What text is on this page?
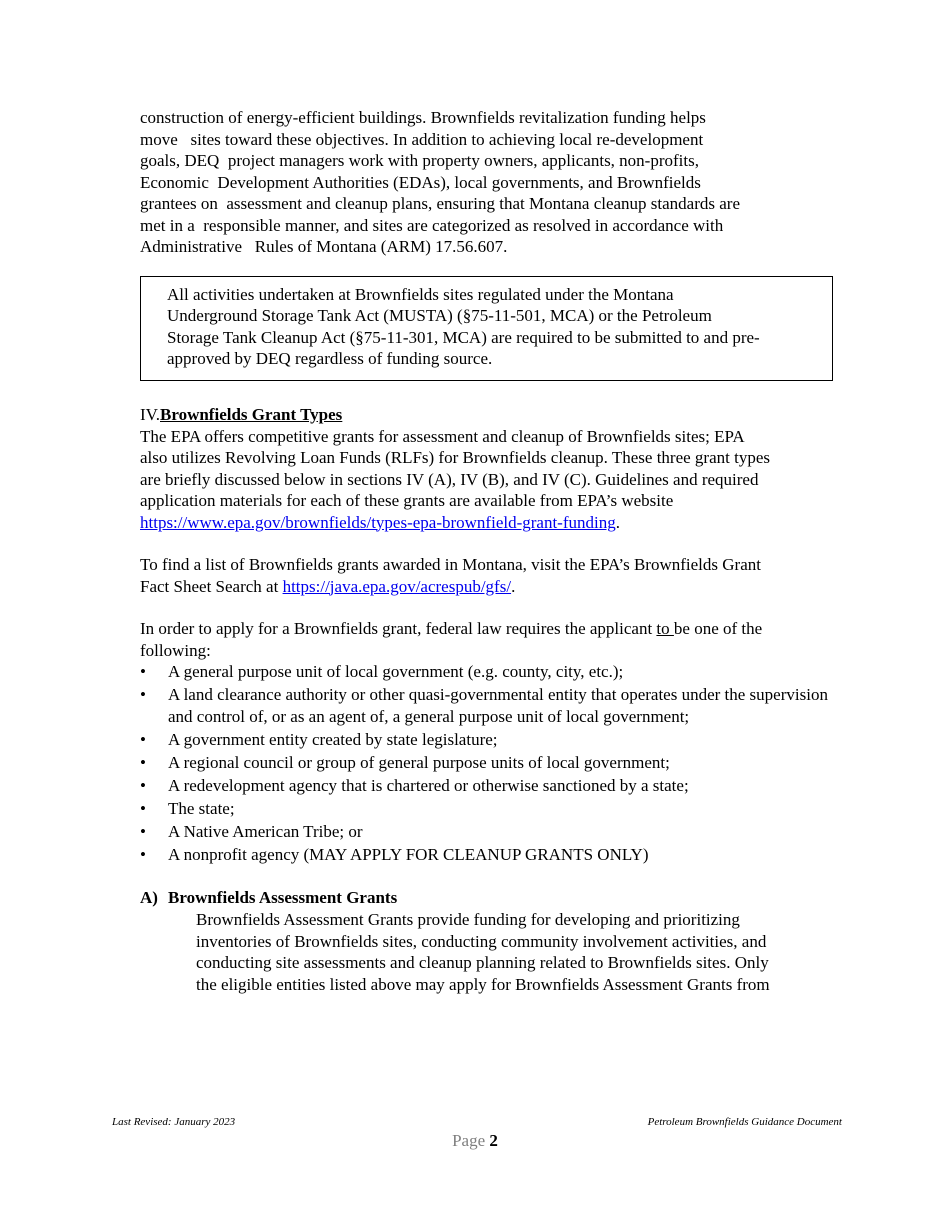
construction of energy-efficient buildings. Brownfields revitalization funding helps

move   sites toward these objectives. In addition to achieving local re-development

goals, DEQ  project managers work with property owners, applicants, non-profits,

Economic  Development Authorities (EDAs), local governments, and Brownfields

grantees on  assessment and cleanup plans, ensuring that Montana cleanup standards are

met in a  responsible manner, and sites are categorized as resolved in accordance with

Administrative   Rules of Montana (ARM) 17.56.607.

All activities undertaken at Brownfields sites regulated under the Montana
Underground Storage Tank Act (MUSTA) (§75-11-501, MCA) or the Petroleum
Storage Tank Cleanup Act (§75-11-301, MCA) are required to be submitted to and pre-
approved by DEQ regardless of funding source.
IV.Brownfields Grant Types

The EPA offers competitive grants for assessment and cleanup of Brownfields sites; EPA

also utilizes Revolving Loan Funds (RLFs) for Brownfields cleanup. These three grant types

are briefly discussed below in sections IV (A), IV (B), and IV (C). Guidelines and required

application materials for each of these grants are available from EPA’s website

https://www.epa.gov/brownfields/types-epa-brownfield-grant-funding.

To find a list of Brownfields grants awarded in Montana, visit the EPA’s Brownfields Grant

Fact Sheet Search at https://java.epa.gov/acrespub/gfs/.

In order to apply for a Brownfields grant, federal law requires the applicant to be one of the

following:

• A general purpose unit of local government (e.g. county, city, etc.);
• A land clearance authority or other quasi-governmental entity that operates under the supervision and control of, or as an agent of, a general purpose unit of local government;
• A government entity created by state legislature;
• A regional council or group of general purpose units of local government;
• A redevelopment agency that is chartered or otherwise sanctioned by a state;
• The state;
• A Native American Tribe; or
• A nonprofit agency (MAY APPLY FOR CLEANUP GRANTS ONLY)
A) Brownfields Assessment Grants
Brownfields Assessment Grants provide funding for developing and prioritizing
inventories of Brownfields sites, conducting community involvement activities, and
conducting site assessments and cleanup planning related to Brownfields sites. Only
the eligible entities listed above may apply for Brownfields Assessment Grants from
Last Revised: January 2023	Petroleum Brownfields Guidance Document
Page 2
